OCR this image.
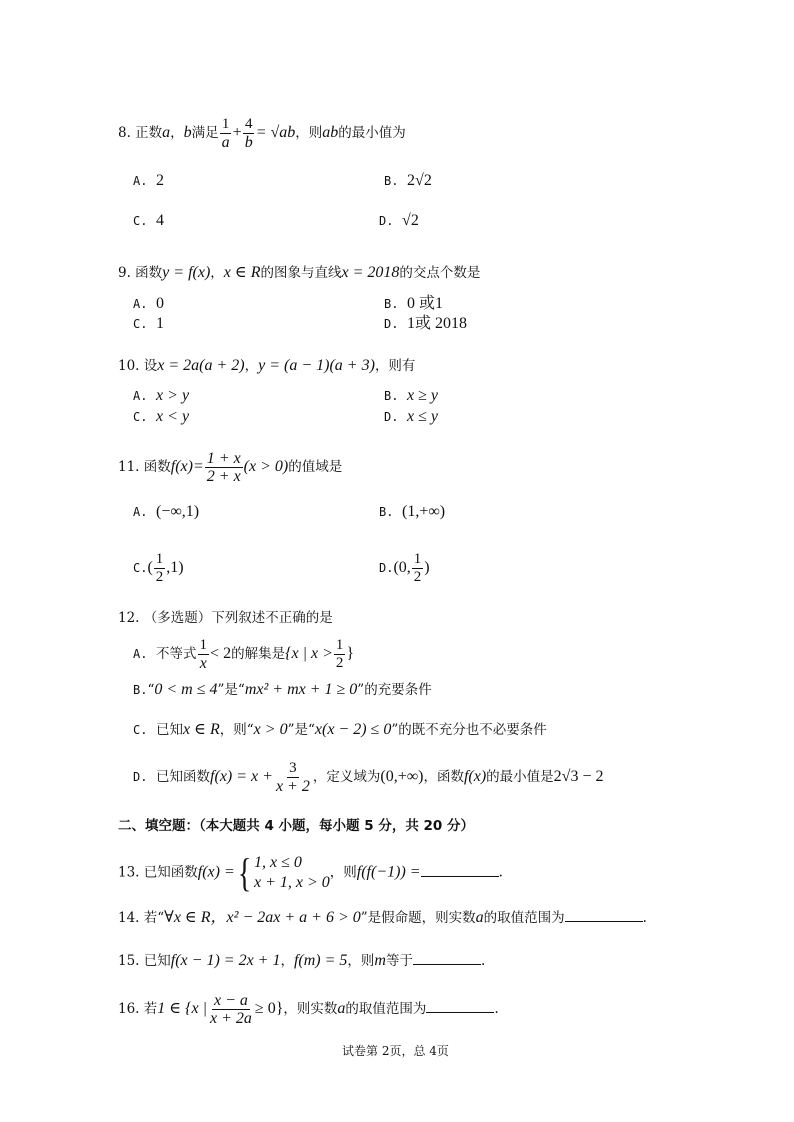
8. 正数a，b满足 $\frac{1}{a} + \frac{4}{b} = √ab$，则ab的最小值为
A. 2	B. 2√2
C. 4	D. √2
9. 函数y = f(x)，x ∈ R的图象与直线x = 2018的交点个数是
A. 0	B. 0 或1
C. 1	D. 1或 2018
10. 设x = 2a(a + 2)，y = (a − 1)(a + 3)，则有
A. x > y	B. x ≥ y
C. x < y	D. x ≤ y
11. 函数$f(x)= \frac{1 + x}{2 + x} (x > 0)$的值域是
A. (−∞,1)	B. (1,+∞)
$C.( \frac{1}{2} ,1)$	D.(0, $\frac{1}{2}$ )
12. （多选题）下列叙述不正确的是
A. 不等式 $\frac{1}{x} < 2$的解集是{x | $x > \frac{1}{2}$ }
B.“0 < m ≤ 4”是“mx² + mx + 1 ≥ 0”的充要条件
C. 已知x ∈ R，则“x > 0”是“x(x − 2) ≤ 0”的既不充分也不必要条件
D. 已知函数$f(x) = x + \frac{3}{x + 2}$ ，定义域为(0,+∞)，函数f(x)的最小值是2√3 − 2
二、填空题：（本大题共 4 小题，每小题 5 分，共 20 分）
13. 已知函数f(x) = { 1, x ≤ 0
x + 1, x > 0
，则f(f(−1)) =	.
14. 若“∀x ∈ R，x² − 2ax + a + 6 > 0”是假命题，则实数a的取值范围为	.
15. 已知f(x − 1) = 2x + 1，f(m) = 5，则m等于	.
16. 若1 ∈ {x | $\frac{x - a}{x + 2a} \ge 0$}，则实数a的取值范围为	.
试卷第 2页，总 4页
